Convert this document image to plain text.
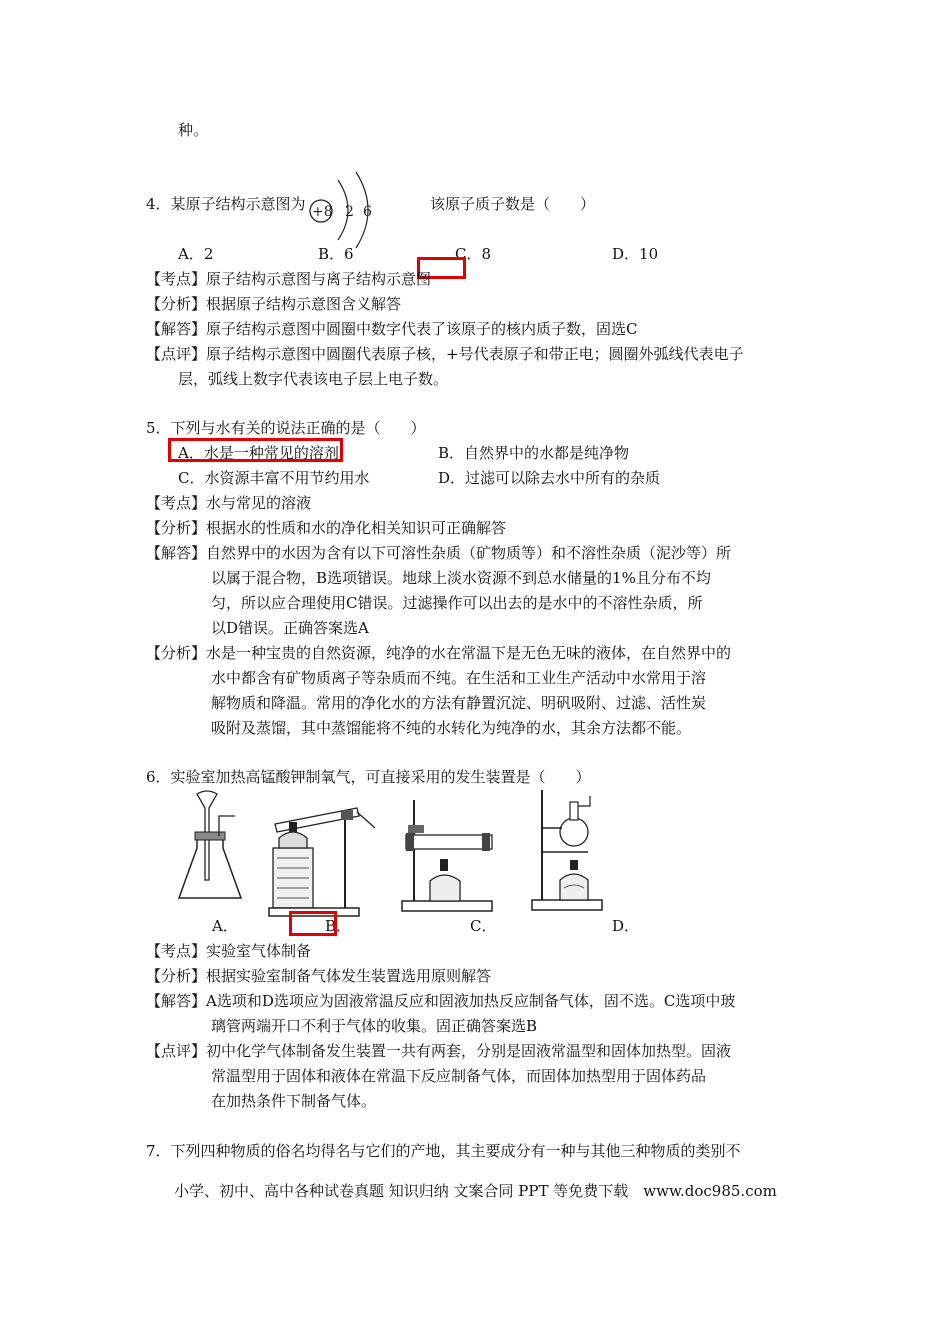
种。
4．某原子结构示意图为 +8 2 6	该原子质子数是（　　）
A．2	B．6	C．8	D．10
【考点】原子结构示意图与离子结构示意图
【分析】根据原子结构示意图含义解答
【解答】原子结构示意图中圆圈中数字代表了该原子的核内质子数，固选C
【点评】原子结构示意图中圆圈代表原子核，+号代表原子和带正电；圆圈外弧线代表电子
层，弧线上数字代表该电子层上电子数。
5．下列与水有关的说法正确的是（　　）
A．水是一种常见的溶剂	B．自然界中的水都是纯净物
C．水资源丰富不用节约用水	D．过滤可以除去水中所有的杂质
【考点】水与常见的溶液
【分析】根据水的性质和水的净化相关知识可正确解答
【解答】自然界中的水因为含有以下可溶性杂质（矿物质等）和不溶性杂质（泥沙等）所
以属于混合物，B选项错误。地球上淡水资源不到总水储量的1%且分布不均
匀，所以应合理使用C错误。过滤操作可以出去的是水中的不溶性杂质，所
以D错误。正确答案选A
【分析】水是一种宝贵的自然资源，纯净的水在常温下是无色无味的液体，在自然界中的
水中都含有矿物质离子等杂质而不纯。在生活和工业生产活动中水常用于溶
解物质和降温。常用的净化水的方法有静置沉淀、明矾吸附、过滤、活性炭
吸附及蒸馏，其中蒸馏能将不纯的水转化为纯净的水，其余方法都不能。
6．实验室加热高锰酸钾制氧气，可直接采用的发生装置是（　　）
A．	B．	C．	D．
【考点】实验室气体制备
【分析】根据实验室制备气体发生装置选用原则解答
【解答】A选项和D选项应为固液常温反应和固液加热反应制备气体，固不选。C选项中玻
璃管两端开口不利于气体的收集。固正确答案选B
【点评】初中化学气体制备发生装置一共有两套，分别是固液常温型和固体加热型。固液
常温型用于固体和液体在常温下反应制备气体，而固体加热型用于固体药品
在加热条件下制备气体。
7．下列四种物质的俗名均得名与它们的产地，其主要成分有一种与其他三种物质的类别不
小学、初中、高中各种试卷真题 知识归纳 文案合同 PPT 等免费下载　www.doc985.com
